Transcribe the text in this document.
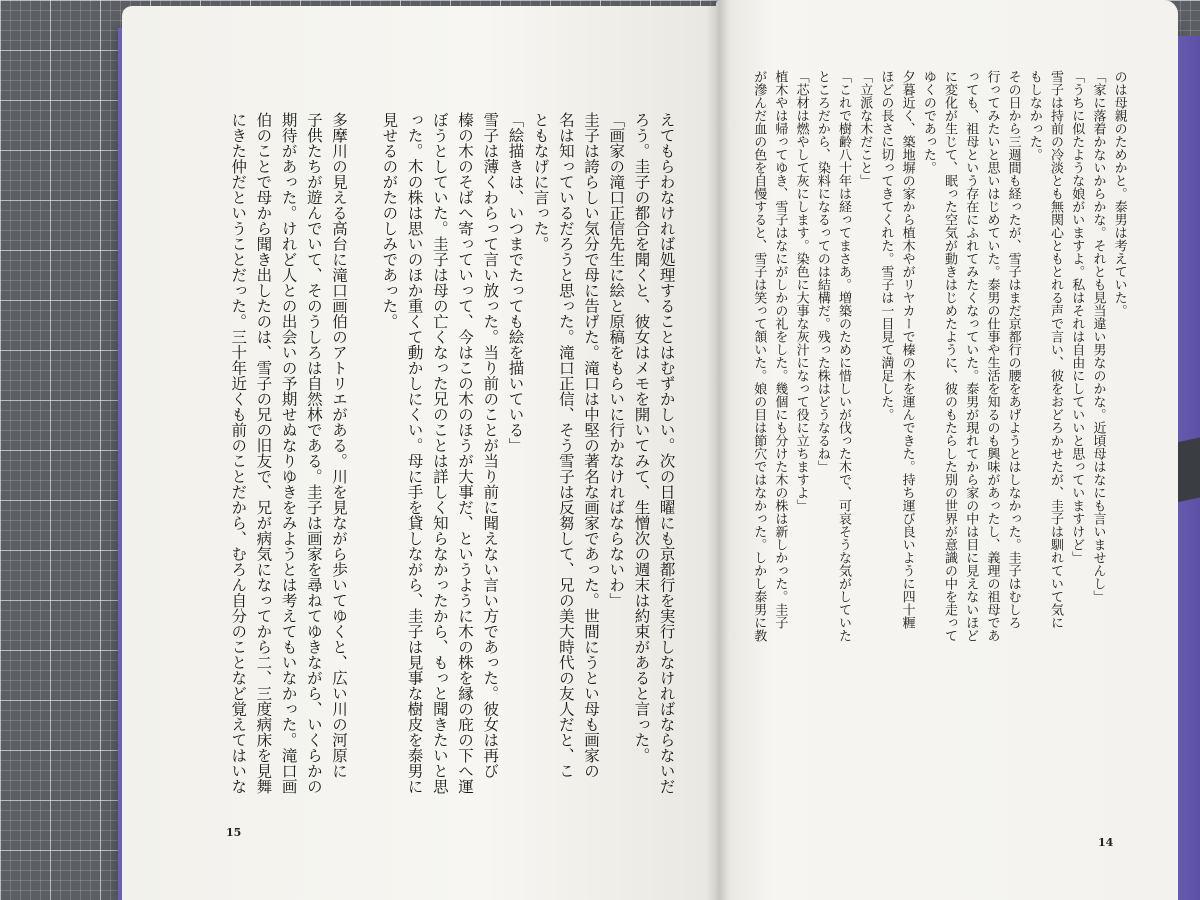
のは母親のためかと。泰男は考えていた。
「家に落着かないからかな。それとも見当違い男なのかな。近頃母はなにも言いませんし」
「うちに似たような娘がいますよ。私はそれは自由にしていいと思っていますけど」
雪子は持前の冷淡とも無関心ともとれる声で言い、彼をおどろかせたが、圭子は馴れていて気に
もしなかった。
その日から三週間も経ったが、雪子はまだ京都行の腰をあげようとはしなかった。圭子はむしろ
行ってみたいと思いはじめていた。泰男の仕事や生活を知るのも興味があったし、義理の祖母であ
っても、祖母という存在にふれてみたくなっていた。泰男が現れてから家の中は目に見えないほど
に変化が生じて、眠った空気が動きはじめたように、彼のもたらした別の世界が意識の中を走って
ゆくのであった。
夕暮近く、築地塀の家から植木やがリヤカーで榛の木を運んできた。持ち運び良いように四十糎
ほどの長さに切ってきてくれた。雪子は一目見て満足した。
「立派な木だこと」
「これで樹齢八十年は経ってまさあ。増築のために惜しいが伐った木で、可哀そうな気がしていた
ところだから、染料になるってのは結構だ。残った株はどうなるね」
「芯材は燃やして灰にします。染色に大事な灰汁になって役に立ちますよ」
植木やは帰ってゆき、雪子はなにがしかの礼をした。幾個にも分けた木の株は新しかった。圭子
が滲んだ血の色を自慢すると、雪子は笑って頷いた。娘の目は節穴ではなかった。しかし泰男に教
えてもらわなければ処理することはむずかしい。次の日曜にも京都行を実行しなければならないだ
ろう。圭子の都合を聞くと、彼女はメモを開いてみて、生憎次の週末は約束があると言った。
「画家の滝口正信先生に絵と原稿をもらいに行かなければならないわ」
圭子は誇らしい気分で母に告げた。滝口は中堅の著名な画家であった。世間にうとい母も画家の
名は知っているだろうと思った。滝口正信、そう雪子は反芻して、兄の美大時代の友人だと、こ
ともなげに言った。
「絵描きは、いつまでたっても絵を描いている」
雪子は薄くわらって言い放った。当り前のことが当り前に聞えない言い方であった。彼女は再び
榛の木のそばへ寄っていって、今はこの木のほうが大事だ、というように木の株を縁の庇の下へ運
ぼうとしていた。圭子は母の亡くなった兄のことは詳しく知らなかったから、もっと聞きたいと思
った。木の株は思いのほか重くて動かしにくい。母に手を貸しながら、圭子は見事な樹皮を泰男に
見せるのがたのしみであった。

多摩川の見える高台に滝口画伯のアトリエがある。川を見ながら歩いてゆくと、広い川の河原に
子供たちが遊んでいて、そのうしろは自然林である。圭子は画家を尋ねてゆきながら、いくらかの
期待があった。けれど人との出会いの予期せぬなりゆきをみようとは考えてもいなかった。滝口画
伯のことで母から聞き出したのは、雪子の兄の旧友で、兄が病気になってから二、三度病床を見舞
にきた仲だということだった。三十年近くも前のことだから、むろん自分のことなど覚えてはいな
15
14
